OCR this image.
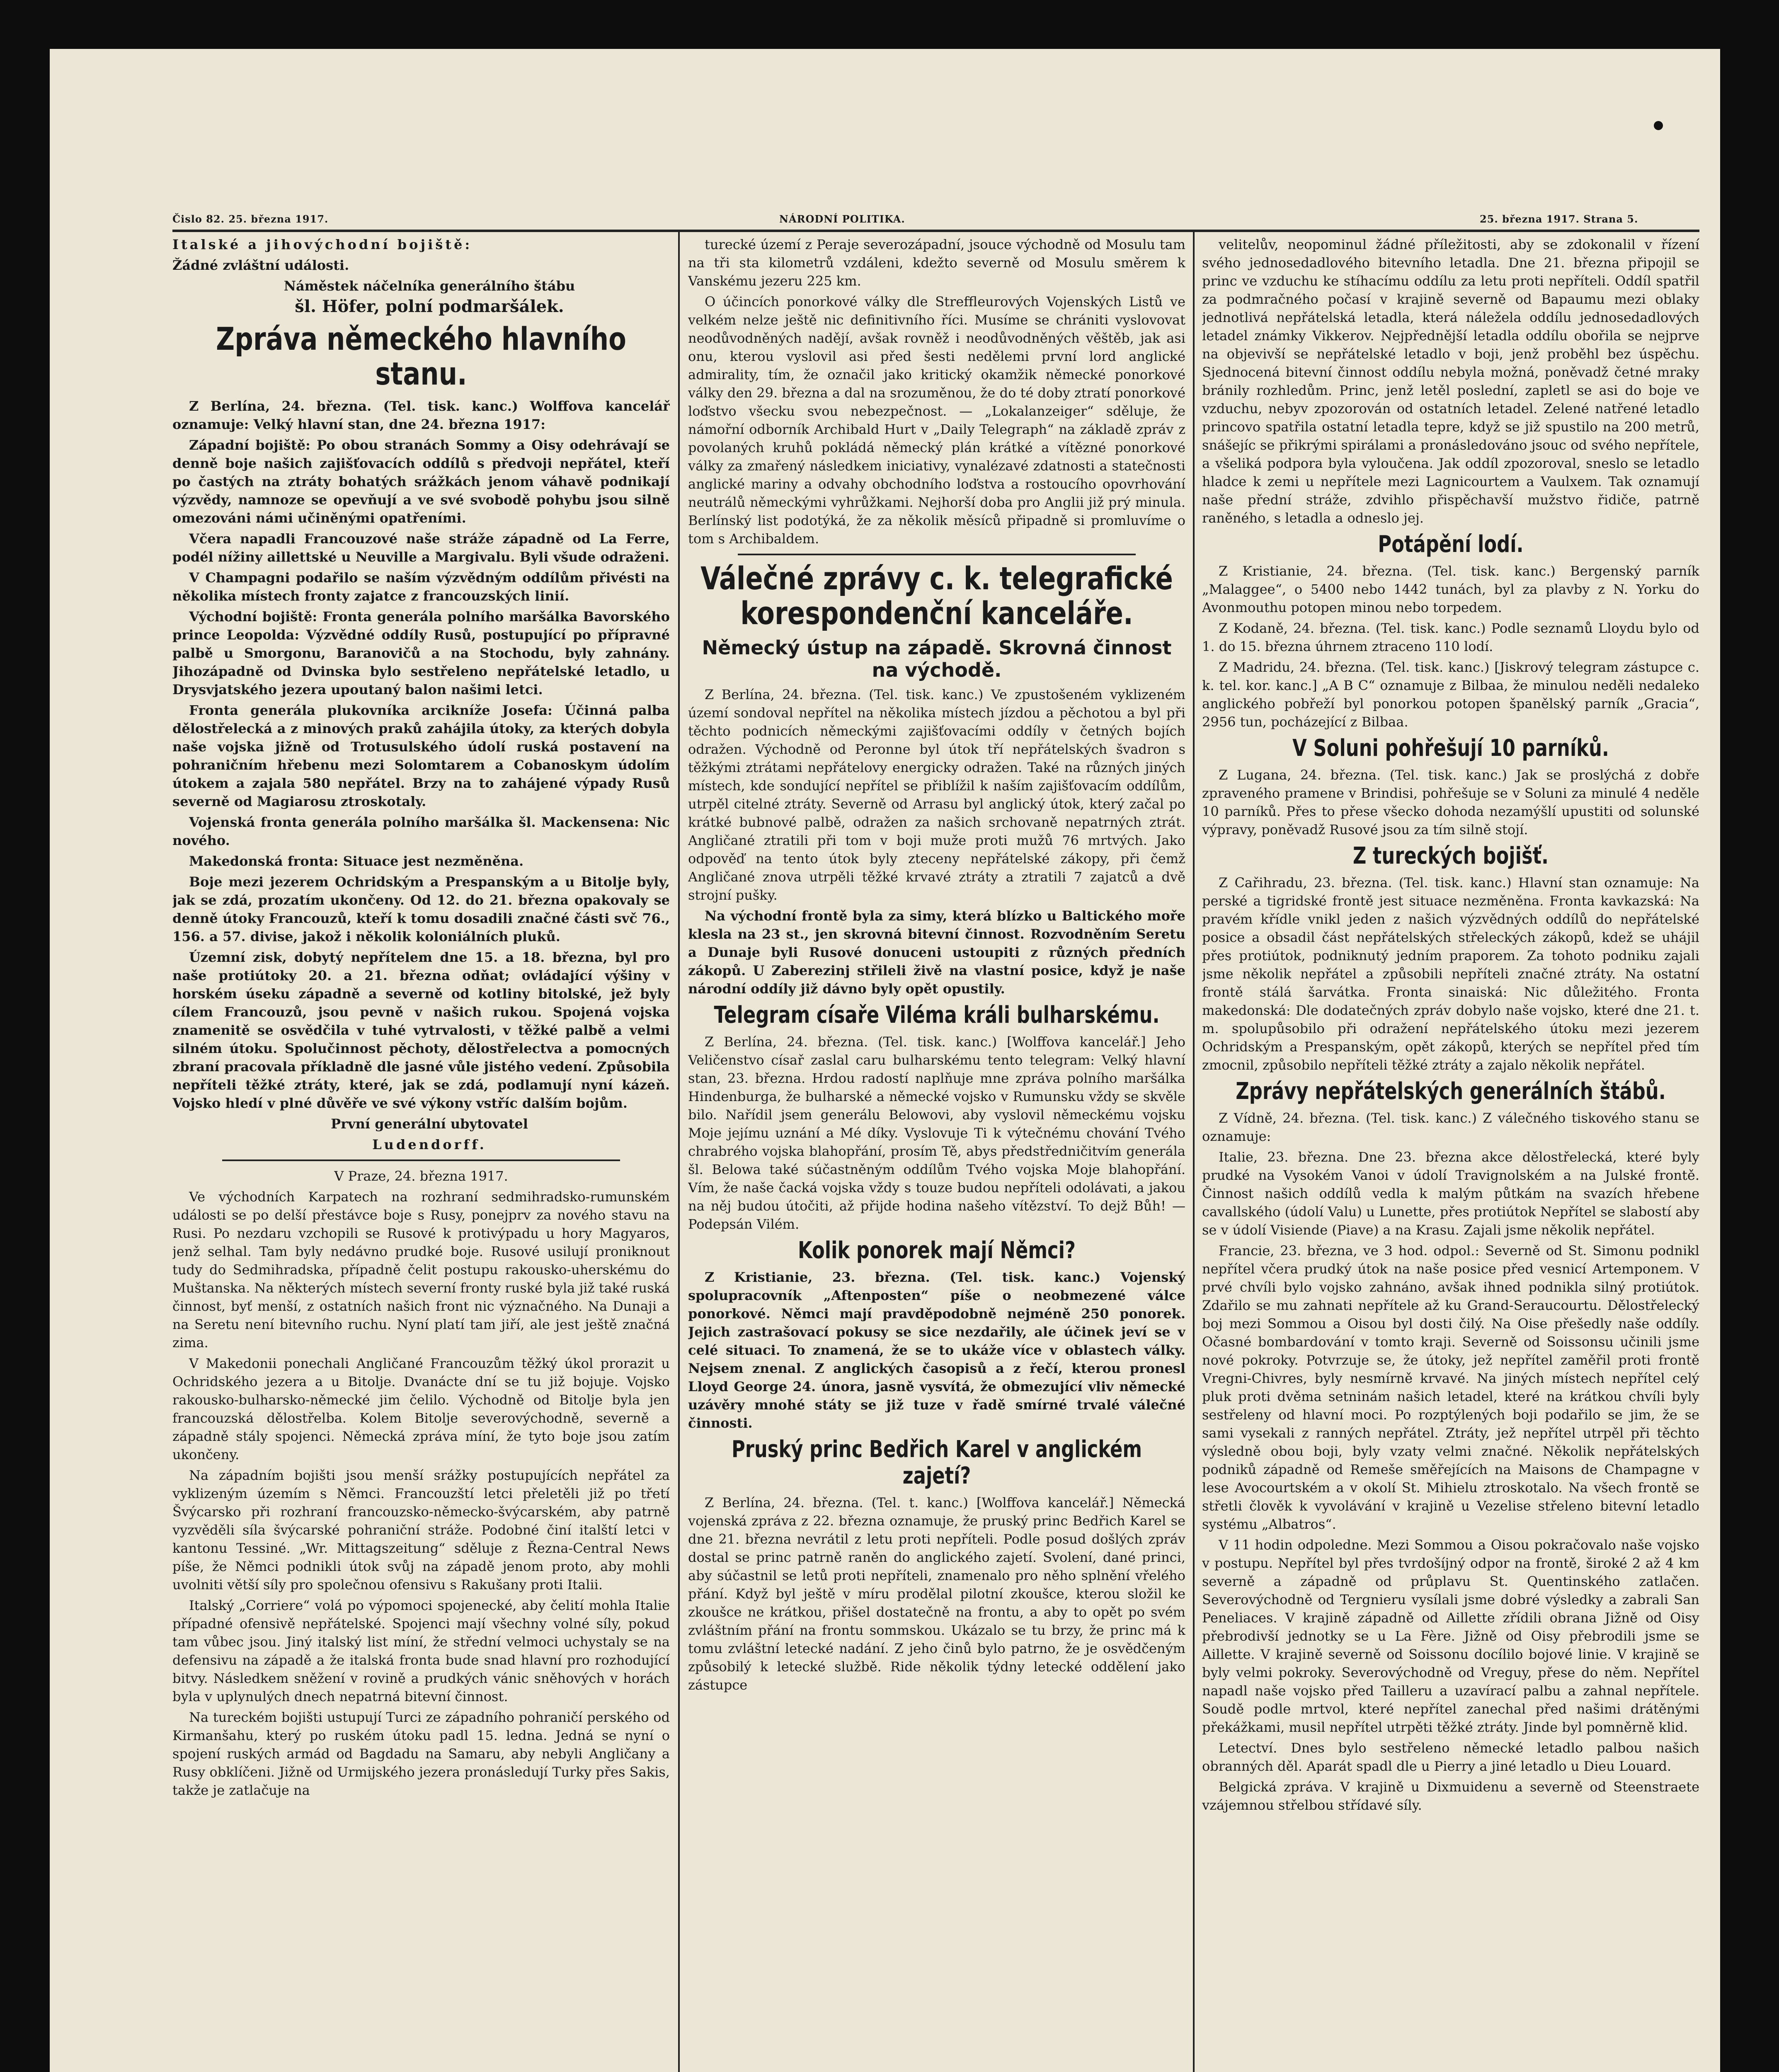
Čislo 82. 25. března 1917.	NÁRODNÍ POLITIKA.	25. března 1917. Strana 5.

Italské a jihovýchodní bojiště:

Žádné zvláštní události.

Náměstek náčelníka generálního štábu

šl. Höfer, polní podmaršálek.

Zpráva německého hlavního stanu.

Z Berlína, 24. března. (Tel. tisk. kanc.) Wolffova kancelář oznamuje: Velký hlavní stan, dne 24. března 1917:

Západní bojiště: Po obou stranách Sommy a Oisy odehrávají se denně boje našich zajišťovacích oddílů s předvoji nepřátel, kteří po častých na ztráty bohatých srážkách jenom váhavě podnikají výzvědy, namnoze se opevňují a ve své svobodě pohybu jsou silně omezováni námi učiněnými opatřeními.

Včera napadli Francouzové naše stráže západně od La Ferre, podél nížiny aillettské u Neuville a Margivalu. Byli všude odraženi.

V Champagni podařilo se naším výzvědným oddílům přivésti na několika místech fronty zajatce z francouzských linií.

Východní bojiště: Fronta generála polního maršálka Bavorského prince Leopolda: Výzvědné oddíly Rusů, postupující po přípravné palbě u Smorgonu, Baranovičů a na Stochodu, byly zahnány. Jihozápadně od Dvinska bylo sestřeleno nepřátelské letadlo, u Drysvjatského jezera upoutaný balon našimi letci.

Fronta generála plukovníka arcikníže Josefa: Účinná palba dělostřelecká a z minových praků zahájila útoky, za kterých dobyla naše vojska jižně od Trotusulského údolí ruská postavení na pohraničním hřebenu mezi Solomtarem a Cobanoskym údolím útokem a zajala 580 nepřátel. Brzy na to zahájené výpady Rusů severně od Magiarosu ztroskotaly.

Vojenská fronta generála polního maršálka šl. Mackensena: Nic nového.

Makedonská fronta: Situace jest nezměněna.

Boje mezi jezerem Ochridským a Prespanským a u Bitolje byly, jak se zdá, prozatím ukončeny. Od 12. do 21. března opakovaly se denně útoky Francouzů, kteří k tomu dosadili značné části svč 76., 156. a 57. divise, jakož i několik koloniálních pluků.

Územní zisk, dobytý nepřítelem dne 15. a 18. března, byl pro naše protiútoky 20. a 21. března odňat; ovládající výšiny v horském úseku západně a severně od kotliny bitolské, jež byly cílem Francouzů, jsou pevně v našich rukou. Spojená vojska znamenitě se osvědčila v tuhé vytrvalosti, v těžké palbě a velmi silném útoku. Spolučinnost pěchoty, dělostřelectva a pomocných zbraní pracovala příkladně dle jasné vůle jistého vedení. Způsobila nepříteli těžké ztráty, které, jak se zdá, podlamují nyní kázeň. Vojsko hledí v plné důvěře ve své výkony vstříc dalším bojům.

První generální ubytovatel

Ludendorff.

V Praze, 24. března 1917.

Ve východních Karpatech na rozhraní sedmihradsko-rumunském události se po delší přestávce boje s Rusy, ponejprv za nového stavu na Rusi. Po nezdaru vzchopili se Rusové k protivýpadu u hory Magyaros, jenž selhal. Tam byly nedávno prudké boje. Rusové usilují proniknout tudy do Sedmihradska, případně čelit postupu rakousko-uherskému do Muštanska. Na některých místech severní fronty ruské byla již také ruská činnost, byť menší, z ostatních našich front nic význačného. Na Dunaji a na Seretu není bitevního ruchu. Nyní platí tam jiří, ale jest ještě značná zima.

V Makedonii ponechali Angličané Francouzům těžký úkol prorazit u Ochridského jezera a u Bitolje. Dvanácte dní se tu již bojuje. Vojsko rakousko-bulharsko-německé jim čelilo. Východně od Bitolje byla jen francouzská dělostřelba. Kolem Bitolje severovýchodně, severně a západně stály spojenci. Německá zpráva míní, že tyto boje jsou zatím ukončeny.

Na západním bojišti jsou menší srážky postupujících nepřátel za vyklizeným územím s Němci. Francouzští letci přeletěli již po třetí Švýcarsko při rozhraní francouzsko-německo-švýcarském, aby patrně vyzvěděli síla švýcarské pohraniční stráže. Podobné činí italští letci v kantonu Tessiné. „Wr. Mittagszeitung“ sděluje z Řezna-Central News píše, že Němci podnikli útok svůj na západě jenom proto, aby mohli uvolniti větší síly pro společnou ofensivu s Rakušany proti Italii.

Italský „Corriere“ volá po výpomoci spojenecké, aby čelití mohla Italie případné ofensivě nepřátelské. Spojenci mají všechny volné síly, pokud tam vůbec jsou. Jiný italský list míní, že střední velmoci uchystaly se na defensivu na západě a že italská fronta bude snad hlavní pro rozhodující bitvy. Následkem sněžení v rovině a prudkých vánic sněhových v horách byla v uplynulých dnech nepatrná bitevní činnost.

Na tureckém bojišti ustupují Turci ze západního pohraničí perského od Kirmanšahu, který po ruském útoku padl 15. ledna. Jedná se nyní o spojení ruských armád od Bagdadu na Samaru, aby nebyli Angličany a Rusy obklíčeni. Jižně od Urmijského jezera pronásledují Turky přes Sakis, takže je zatlačuje na

turecké území z Peraje severozápadní, jsouce východně od Mosulu tam na tři sta kilometrů vzdáleni, kdežto severně od Mosulu směrem k Vanskému jezeru 225 km.

O účincích ponorkové války dle Streffleurových Vojenských Listů ve velkém nelze ještě nic definitivního říci. Musíme se chrániti vyslovovat neodůvodněných nadějí, avšak rovněž i neodůvodněných věštěb, jak asi onu, kterou vyslovil asi před šesti nedělemi první lord anglické admirality, tím, že označil jako kritický okamžik německé ponorkové války den 29. března a dal na srozuměnou, že do té doby ztratí ponorkové loďstvo všecku svou nebezpečnost. — „Lokalanzeiger“ sděluje, že námořní odborník Archibald Hurt v „Daily Telegraph“ na základě zpráv z povolaných kruhů pokládá německý plán krátké a vítězné ponorkové války za zmařený následkem iniciativy, vynalézavé zdatnosti a statečnosti anglické mariny a odvahy obchodního loďstva a rostoucího opovrhování neutrálů německými vyhrůžkami. Nejhorší doba pro Anglii již prý minula. Berlínský list podotýká, že za několik měsíců připadně si promluvíme o tom s Archibaldem.

Válečné zprávy c. k. telegrafické korespondenční kanceláře.
Německý ústup na západě. Skrovná činnost na východě.

Z Berlína, 24. března. (Tel. tisk. kanc.) Ve zpustošeném vyklizeném území sondoval nepřítel na několika místech jízdou a pěchotou a byl při těchto podnicích německými zajišťovacími oddíly v četných bojích odražen. Východně od Peronne byl útok tří nepřátelských švadron s těžkými ztrátami nepřátelovy energicky odražen. Také na různých jiných místech, kde sondující nepřítel se přiblížil k naším zajišťovacím oddílům, utrpěl citelné ztráty. Severně od Arrasu byl anglický útok, který začal po krátké bubnové palbě, odražen za našich srchovaně nepatrných ztrát. Angličané ztratili při tom v boji muže proti mužů 76 mrtvých. Jako odpověď na tento útok byly zteceny nepřátelské zákopy, při čemž Angličané znova utrpěli těžké krvavé ztráty a ztratili 7 zajatců a dvě strojní pušky.

Na východní frontě byla za simy, která blízko u Baltického moře klesla na 23 st., jen skrovná bitevní činnost. Rozvodněním Seretu a Dunaje byli Rusové donuceni ustoupiti z různých předních zákopů. U Zaberezinj střileli živě na vlastní posice, když je naše národní oddíly již dávno byly opět opustily.

Telegram císaře Viléma králi bulharskému.

Z Berlína, 24. března. (Tel. tisk. kanc.) [Wolffova kancelář.] Jeho Veličenstvo císař zaslal caru bulharskému tento telegram: Velký hlavní stan, 23. března. Hrdou radostí naplňuje mne zpráva polního maršálka Hindenburga, že bulharské a německé vojsko v Rumunsku vždy se skvěle bilo. Nařídil jsem generálu Belowovi, aby vyslovil německému vojsku Moje jejímu uznání a Mé díky. Vyslovuje Ti k výtečnému chování Tvého chrabrého vojska blahopřání, prosím Tě, abys předstředničitvím generála šl. Belowa také súčastněným oddílům Tvého vojska Moje blahopřání. Vím, že naše čacká vojska vždy s touze budou nepříteli odolávati, a jakou na něj budou útočiti, až přijde hodina našeho vítězství. To dejž Bůh! — Podepsán Vilém.

Kolik ponorek mají Němci?

Z Kristianie, 23. března. (Tel. tisk. kanc.) Vojenský spolupracovník „Aftenposten“ píše o neobmezené válce ponorkové. Němci mají pravděpodobně nejméně 250 ponorek. Jejich zastrašovací pokusy se sice nezdařily, ale účinek jeví se v celé situaci. To znamená, že se to ukáže více v oblastech války. Nejsem znenal. Z anglických časopisů a z řečí, kterou pronesl Lloyd George 24. února, jasně vysvítá, že obmezující vliv německé uzávěry mnohé státy se již tuze v řadě smírné trvalé válečné činnosti.

Pruský princ Bedřich Karel v anglickém zajetí?

Z Berlína, 24. března. (Tel. t. kanc.) [Wolffova kancelář.] Německá vojenská zpráva z 22. března oznamuje, že pruský princ Bedřich Karel se dne 21. března nevrátil z letu proti nepříteli. Podle posud došlých zpráv dostal se princ patrně raněn do anglického zajetí. Svolení, dané princi, aby súčastnil se letů proti nepříteli, znamenalo pro něho splnění vřelého přání. Když byl ještě v míru prodělal pilotní zkoušce, kterou složil ke zkoušce ne krátkou, přišel dostatečně na frontu, a aby to opět po svém zvláštním přání na frontu sommskou. Ukázalo se tu brzy, že princ má k tomu zvláštní letecké nadání. Z jeho činů bylo patrno, že je osvědčeným způsobilý k letecké službě. Ride několik týdny letecké oddělení jako zástupce

velitelův, neopominul žádné příležitosti, aby se zdokonalil v řízení svého jednosedadlového bitevního letadla. Dne 21. března připojil se princ ve vzduchu ke stíhacímu oddílu za letu proti nepříteli. Oddíl spatřil za podmračného počasí v krajině severně od Bapaumu mezi oblaky jednotlivá nepřátelská letadla, která náležela oddílu jednosedadlových letadel známky Vikkerov. Nejpřednější letadla oddílu obořila se nejprve na objevivší se nepřátelské letadlo v boji, jenž proběhl bez úspěchu. Sjednocená bitevní činnost oddílu nebyla možná, poněvadž četné mraky bránily rozhledům. Princ, jenž letěl poslední, zapletl se asi do boje ve vzduchu, nebyv zpozorován od ostatních letadel. Zelené natřené letadlo princovo spatřila ostatní letadla tepre, když se již spustilo na 200 metrů, snášejíc se přikrými spirálami a pronásledováno jsouc od svého nepřítele, a všeliká podpora byla vyloučena. Jak oddíl zpozoroval, sneslo se letadlo hladce k zemi u nepřítele mezi Lagnicourtem a Vaulxem. Tak oznamují naše přední stráže, zdvihlo přispěchavší mužstvo řidiče, patrně raněného, s letadla a odneslo jej.

Potápění lodí.

Z Kristianie, 24. března. (Tel. tisk. kanc.) Bergenský parník „Malaggee“, o 5400 nebo 1442 tunách, byl za plavby z N. Yorku do Avonmouthu potopen minou nebo torpedem.

Z Kodaně, 24. března. (Tel. tisk. kanc.) Podle seznamů Lloydu bylo od 1. do 15. března úhrnem ztraceno 110 lodí.

Z Madridu, 24. března. (Tel. tisk. kanc.) [Jiskrový telegram zástupce c. k. tel. kor. kanc.] „A B C“ oznamuje z Bilbaa, že minulou neděli nedaleko anglického pobřeží byl ponorkou potopen španělský parník „Gracia“, 2956 tun, pocházející z Bilbaa.

V Soluni pohřešují 10 parníků.

Z Lugana, 24. března. (Tel. tisk. kanc.) Jak se proslýchá z dobře zpraveného pramene v Brindisi, pohřešuje se v Soluni za minulé 4 neděle 10 parníků. Přes to přese všecko dohoda nezamýšlí upustiti od solunské výpravy, poněvadž Rusové jsou za tím silně stojí.

Z tureckých bojišť.

Z Cařihradu, 23. března. (Tel. tisk. kanc.) Hlavní stan oznamuje: Na perské a tigridské frontě jest situace nezměněna. Fronta kavkazská: Na pravém křídle vnikl jeden z našich výzvědných oddílů do nepřátelské posice a obsadil část nepřátelských střeleckých zákopů, kdež se uhájil přes protiútok, podniknutý jedním praporem. Za tohoto podniku zajali jsme několik nepřátel a způsobili nepříteli značné ztráty. Na ostatní frontě stálá šarvátka. Fronta sinaiská: Nic důležitého. Fronta makedonská: Dle dodatečných zpráv dobylo naše vojsko, které dne 21. t. m. spolupůsobilo při odražení nepřátelského útoku mezi jezerem Ochridským a Prespanským, opět zákopů, kterých se nepřítel před tím zmocnil, způsobilo nepříteli těžké ztráty a zajalo několik nepřátel.

Zprávy nepřátelských generálních štábů.

Z Vídně, 24. března. (Tel. tisk. kanc.) Z válečného tiskového stanu se oznamuje:

Italie, 23. března. Dne 23. března akce dělostřelecká, které byly prudké na Vysokém Vanoi v údolí Travignolském a na Julské frontě. Činnost našich oddílů vedla k malým půtkám na svazích hřebene cavallského (údolí Valu) u Lunette, přes protiútok Nepřítel se slabostí aby se v údolí Visiende (Piave) a na Krasu. Zajali jsme několik nepřátel.

Francie, 23. března, ve 3 hod. odpol.: Severně od St. Simonu podnikl nepřítel včera prudký útok na naše posice před vesnicí Artemponem. V prvé chvíli bylo vojsko zahnáno, avšak ihned podnikla silný protiútok. Zdařilo se mu zahnati nepřítele až ku Grand-Seraucourtu. Dělostřelecký boj mezi Sommou a Oisou byl dosti čilý. Na Oise přešedly naše oddíly. Očasné bombardování v tomto kraji. Severně od Soissonsu učinili jsme nové pokroky. Potvrzuje se, že útoky, jež nepřítel zaměřil proti frontě Vregni-Chivres, byly nesmírně krvavé. Na jiných místech nepřítel celý pluk proti dvěma setninám našich letadel, které na krátkou chvíli byly sestřeleny od hlavní moci. Po rozptýlených boji podařilo se jim, že se sami vysekali z ranných nepřátel. Ztráty, jež nepřítel utrpěl při těchto výsledně obou boji, byly vzaty velmi značné. Několik nepřátelských podniků západně od Remeše směřejících na Maisons de Champagne v lese Avocourtském a v okolí St. Mihielu ztroskotalo. Na všech frontě se střetli člověk k vyvolávání v krajině u Vezelise střeleno bitevní letadlo systému „Albatros“.

V 11 hodin odpoledne. Mezi Sommou a Oisou pokračovalo naše vojsko v postupu. Nepřítel byl přes tvrdošíjný odpor na frontě, široké 2 až 4 km severně a západně od průplavu St. Quentinského zatlačen. Severovýchodně od Tergnieru vysílali jsme dobré výsledky a zabrali San Peneliaces. V krajině západně od Aillette zřídili obrana Jižně od Oisy přebrodivší jednotky se u La Fère. Jižně od Oisy přebrodili jsme se Aillette. V krajině severně od Soissonu docílilo bojové linie. V krajině se byly velmi pokroky. Severovýchodně od Vreguy, přese do něm. Nepřítel napadl naše vojsko před Tailleru a uzavírací palbu a zahnal nepřítele. Soudě podle mrtvol, které nepřítel zanechal před našimi drátěnými překážkami, musil nepřítel utrpěti těžké ztráty. Jinde byl pomněrně klid.

Letectví. Dnes bylo sestřeleno německé letadlo palbou našich obranných děl. Aparát spadl dle u Pierry a jiné letadlo u Dieu Louard.

Belgická zpráva. V krajině u Dixmuidenu a severně od Steenstraete vzájemnou střelbou střídavé síly.
